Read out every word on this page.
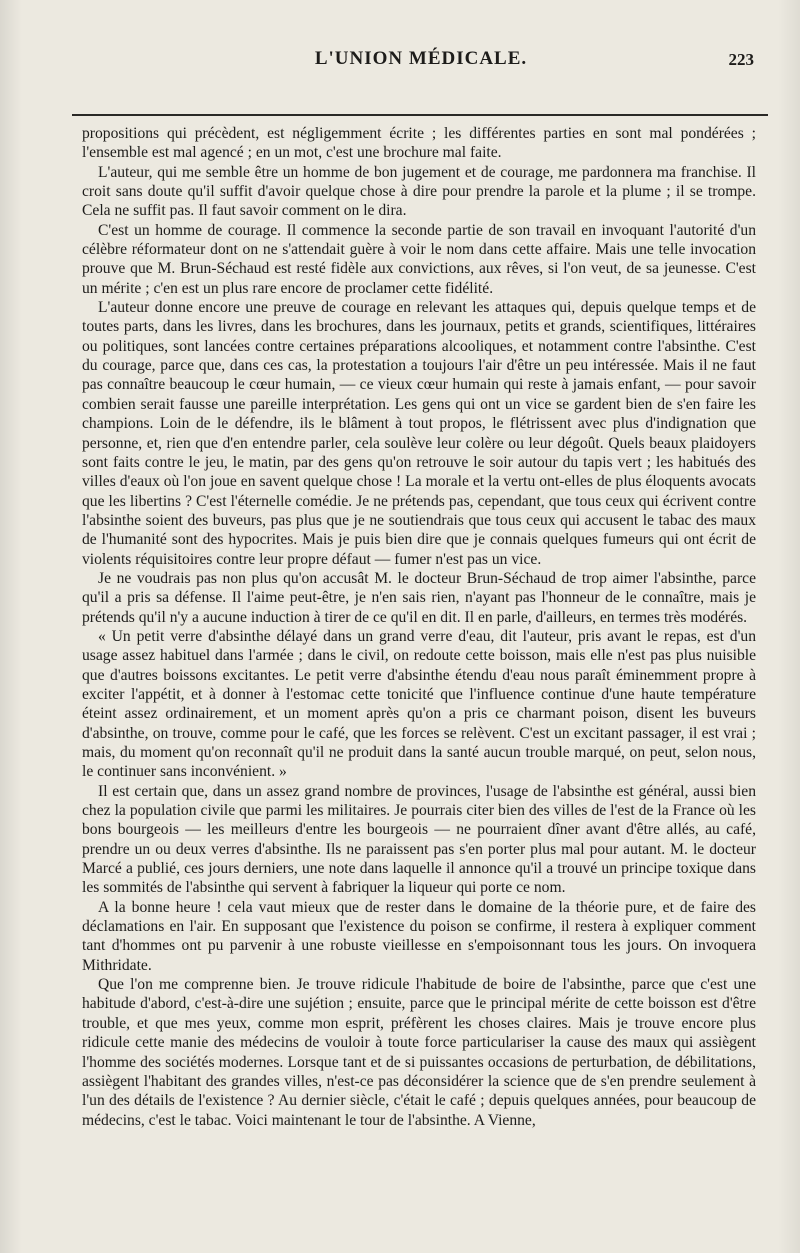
L'UNION MÉDICALE.	223

propositions qui précèdent, est négligemment écrite ; les différentes parties en sont mal pondérées ; l'ensemble est mal agencé ; en un mot, c'est une brochure mal faite.

L'auteur, qui me semble être un homme de bon jugement et de courage, me pardonnera ma franchise. Il croit sans doute qu'il suffit d'avoir quelque chose à dire pour prendre la parole et la plume ; il se trompe. Cela ne suffit pas. Il faut savoir comment on le dira.

C'est un homme de courage. Il commence la seconde partie de son travail en invoquant l'autorité d'un célèbre réformateur dont on ne s'attendait guère à voir le nom dans cette affaire. Mais une telle invocation prouve que M. Brun-Séchaud est resté fidèle aux convictions, aux rêves, si l'on veut, de sa jeunesse. C'est un mérite ; c'en est un plus rare encore de proclamer cette fidélité.

L'auteur donne encore une preuve de courage en relevant les attaques qui, depuis quelque temps et de toutes parts, dans les livres, dans les brochures, dans les journaux, petits et grands, scientifiques, littéraires ou politiques, sont lancées contre certaines préparations alcooliques, et notamment contre l'absinthe. C'est du courage, parce que, dans ces cas, la protestation a toujours l'air d'être un peu intéressée. Mais il ne faut pas connaître beaucoup le cœur humain, — ce vieux cœur humain qui reste à jamais enfant, — pour savoir combien serait fausse une pareille interprétation. Les gens qui ont un vice se gardent bien de s'en faire les champions. Loin de le défendre, ils le blâment à tout propos, le flétrissent avec plus d'indignation que personne, et, rien que d'en entendre parler, cela soulève leur colère ou leur dégoût. Quels beaux plaidoyers sont faits contre le jeu, le matin, par des gens qu'on retrouve le soir autour du tapis vert ; les habitués des villes d'eaux où l'on joue en savent quelque chose ! La morale et la vertu ont-elles de plus éloquents avocats que les libertins ? C'est l'éternelle comédie. Je ne prétends pas, cependant, que tous ceux qui écrivent contre l'absinthe soient des buveurs, pas plus que je ne soutiendrais que tous ceux qui accusent le tabac des maux de l'humanité sont des hypocrites. Mais je puis bien dire que je connais quelques fumeurs qui ont écrit de violents réquisitoires contre leur propre défaut — fumer n'est pas un vice.

Je ne voudrais pas non plus qu'on accusât M. le docteur Brun-Séchaud de trop aimer l'absinthe, parce qu'il a pris sa défense. Il l'aime peut-être, je n'en sais rien, n'ayant pas l'honneur de le connaître, mais je prétends qu'il n'y a aucune induction à tirer de ce qu'il en dit. Il en parle, d'ailleurs, en termes très modérés.

« Un petit verre d'absinthe délayé dans un grand verre d'eau, dit l'auteur, pris avant le repas, est d'un usage assez habituel dans l'armée ; dans le civil, on redoute cette boisson, mais elle n'est pas plus nuisible que d'autres boissons excitantes. Le petit verre d'absinthe étendu d'eau nous paraît éminemment propre à exciter l'appétit, et à donner à l'estomac cette tonicité que l'influence continue d'une haute température éteint assez ordinairement, et un moment après qu'on a pris ce charmant poison, disent les buveurs d'absinthe, on trouve, comme pour le café, que les forces se relèvent. C'est un excitant passager, il est vrai ; mais, du moment qu'on reconnaît qu'il ne produit dans la santé aucun trouble marqué, on peut, selon nous, le continuer sans inconvénient. »

Il est certain que, dans un assez grand nombre de provinces, l'usage de l'absinthe est général, aussi bien chez la population civile que parmi les militaires. Je pourrais citer bien des villes de l'est de la France où les bons bourgeois — les meilleurs d'entre les bourgeois — ne pourraient dîner avant d'être allés, au café, prendre un ou deux verres d'absinthe. Ils ne paraissent pas s'en porter plus mal pour autant. M. le docteur Marcé a publié, ces jours derniers, une note dans laquelle il annonce qu'il a trouvé un principe toxique dans les sommités de l'absinthe qui servent à fabriquer la liqueur qui porte ce nom.

A la bonne heure ! cela vaut mieux que de rester dans le domaine de la théorie pure, et de faire des déclamations en l'air. En supposant que l'existence du poison se confirme, il restera à expliquer comment tant d'hommes ont pu parvenir à une robuste vieillesse en s'empoisonnant tous les jours. On invoquera Mithridate.

Que l'on me comprenne bien. Je trouve ridicule l'habitude de boire de l'absinthe, parce que c'est une habitude d'abord, c'est-à-dire une sujétion ; ensuite, parce que le principal mérite de cette boisson est d'être trouble, et que mes yeux, comme mon esprit, préfèrent les choses claires. Mais je trouve encore plus ridicule cette manie des médecins de vouloir à toute force particulariser la cause des maux qui assiègent l'homme des sociétés modernes. Lorsque tant et de si puissantes occasions de perturbation, de débilitations, assiègent l'habitant des grandes villes, n'est-ce pas déconsidérer la science que de s'en prendre seulement à l'un des détails de l'existence ? Au dernier siècle, c'était le café ; depuis quelques années, pour beaucoup de médecins, c'est le tabac. Voici maintenant le tour de l'absinthe. A Vienne,
